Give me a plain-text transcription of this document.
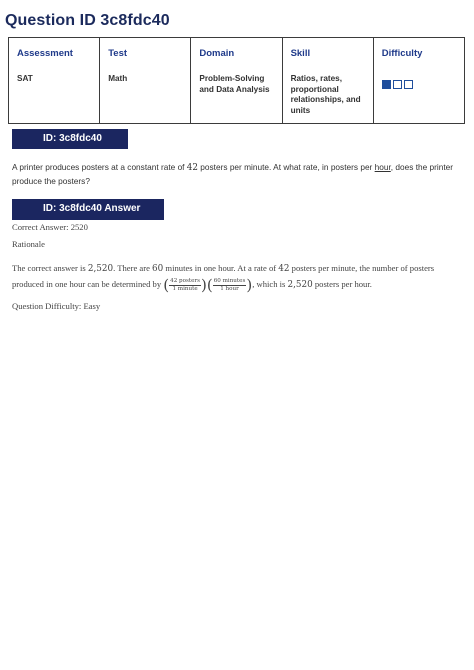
Question ID 3c8fdc40
Assessment
SAT

Test
Math

Domain
Problem-Solving
and Data Analysis

Skill
Ratios, rates,
proportional
relationships, and
units

Difficulty
ID: 3c8fdc40
A printer produces posters at a constant rate of 42 posters per minute. At what rate, in posters per hour, does the printer produce the posters?
ID: 3c8fdc40 Answer
Correct Answer: 2520
Rationale
The correct answer is 2,520. There are 60 minutes in one hour. At a rate of 42 posters per minute, the number of posters produced in one hour can be determined by ( $\frac{\text{42 posters}}{\text{1 minute}}$ )( $\frac{\text{60 minutes}}{\text{1 hour}}$ ), which is 2,520 posters per hour.
Question Difficulty: Easy
